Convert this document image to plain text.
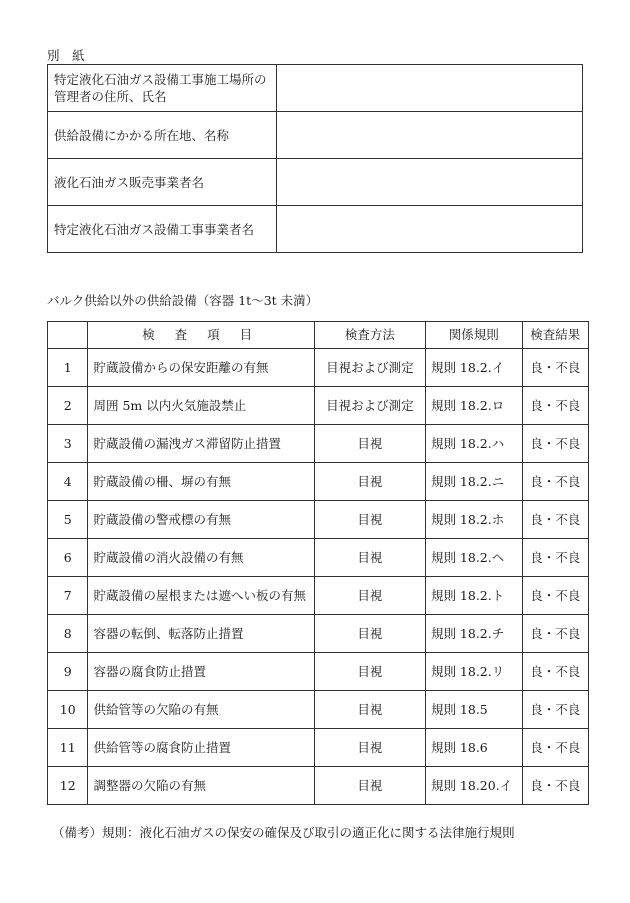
別　紙
特定液化石油ガス設備工事施工場所の管理者の住所、氏名	
供給設備にかかる所在地、名称	
液化石油ガス販売事業者名	
特定液化石油ガス設備工事事業者名	
バルク供給以外の供給設備（容器 1t～3t 未満）
	検 査 項 目	検査方法	関係規則	検査結果
1	貯蔵設備からの保安距離の有無	目視および測定	規則 18.2.イ	良・不良
2	周囲 5m 以内火気施設禁止	目視および測定	規則 18.2.ロ	良・不良
3	貯蔵設備の漏洩ガス滞留防止措置	目視	規則 18.2.ハ	良・不良
4	貯蔵設備の柵、塀の有無	目視	規則 18.2.ニ	良・不良
5	貯蔵設備の警戒標の有無	目視	規則 18.2.ホ	良・不良
6	貯蔵設備の消火設備の有無	目視	規則 18.2.ヘ	良・不良
7	貯蔵設備の屋根または遮へい板の有無	目視	規則 18.2.ト	良・不良
8	容器の転倒、転落防止措置	目視	規則 18.2.チ	良・不良
9	容器の腐食防止措置	目視	規則 18.2.リ	良・不良
10	供給管等の欠陥の有無	目視	規則 18.5	良・不良
11	供給管等の腐食防止措置	目視	規則 18.6	良・不良
12	調整器の欠陥の有無	目視	規則 18.20.イ	良・不良
（備考）規則：液化石油ガスの保安の確保及び取引の適正化に関する法律施行規則
